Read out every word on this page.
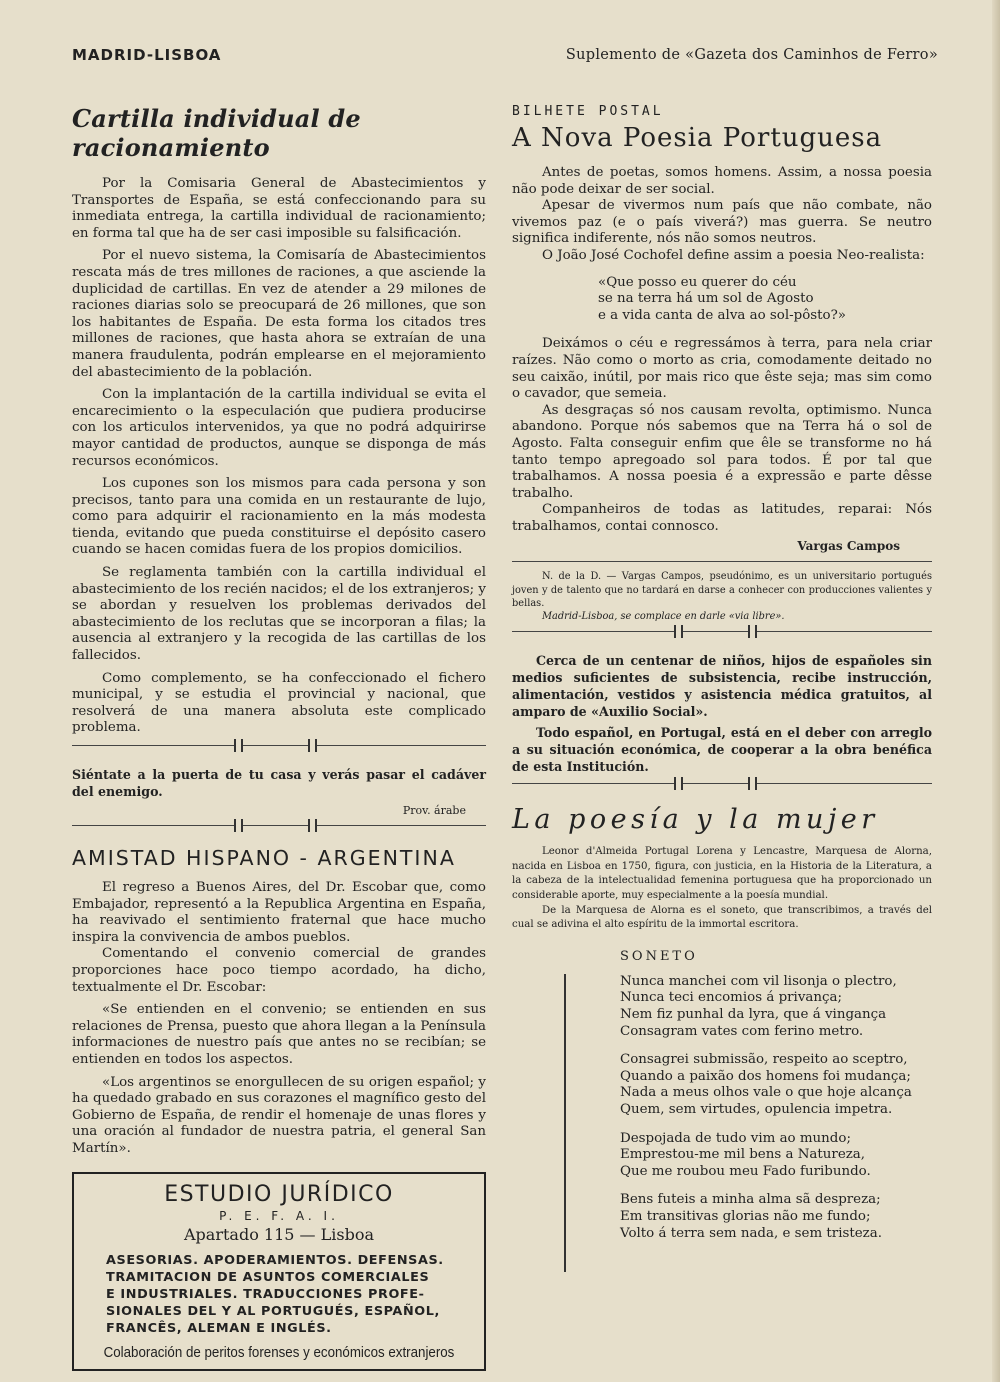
MADRID-LISBOA	Suplemento de «Gazeta dos Caminhos de Ferro»
Cartilla individual de racionamiento

Por la Comisaria General de Abastecimientos y Transportes de España, se está confeccionando para su inmediata entrega, la cartilla individual de racionamiento; en forma tal que ha de ser casi imposible su falsificación.

Por el nuevo sistema, la Comisaría de Abastecimientos rescata más de tres millones de raciones, a que asciende la duplicidad de cartillas. En vez de atender a 29 milones de raciones diarias solo se preocupará de 26 millones, que son los habitantes de España. De esta forma los citados tres millones de raciones, que hasta ahora se extraían de una manera fraudulenta, podrán emplearse en el mejoramiento del abastecimiento de la población.

Con la implantación de la cartilla individual se evita el encarecimiento o la especulación que pudiera producirse con los articulos intervenidos, ya que no podrá adquirirse mayor cantidad de productos, aunque se disponga de más recursos económicos.

Los cupones son los mismos para cada persona y son precisos, tanto para una comida en un restaurante de lujo, como para adquirir el racionamiento en la más modesta tienda, evitando que pueda constituirse el depósito casero cuando se hacen comidas fuera de los propios domicilios.

Se reglamenta también con la cartilla individual el abastecimiento de los recién nacidos; el de los extranjeros; y se abordan y resuelven los problemas derivados del abastecimiento de los reclutas que se incorporan a filas; la ausencia al extranjero y la recogida de las cartillas de los fallecidos.

Como complemento, se ha confeccionado el fichero municipal, y se estudia el provincial y nacional, que resolverá de una manera absoluta este complicado problema.

Siéntate a la puerta de tu casa y verás pasar el cadáver del enemigo.

Prov. árabe
AMISTAD HISPANO - ARGENTINA

El regreso a Buenos Aires, del Dr. Escobar que, como Embajador, representó a la Republica Argentina en España, ha reavivado el sentimiento fraternal que hace mucho inspira la convivencia de ambos pueblos.

Comentando el convenio comercial de grandes proporciones hace poco tiempo acordado, ha dicho, textualmente el Dr. Escobar:

«Se entienden en el convenio; se entienden en sus relaciones de Prensa, puesto que ahora llegan a la Península informaciones de nuestro país que antes no se recibían; se entienden en todos los aspectos.

«Los argentinos se enorgullecen de su origen español; y ha quedado grabado en sus corazones el magnífico gesto del Gobierno de España, de rendir el homenaje de unas flores y una oración al fundador de nuestra patria, el general San Martín».

ESTUDIO JURÍDICO
P. E. F. A. I.
Apartado 115 — Lisboa
ASESORIAS. APODERAMIENTOS. DEFENSAS.
TRAMITACION DE ASUNTOS COMERCIALES
E INDUSTRIALES. TRADUCCIONES PROFE-
SIONALES DEL Y AL PORTUGUÉS, ESPAÑOL,
FRANCÊS, ALEMAN E INGLÉS.
Colaboración de peritos forenses y económicos extranjeros
BILHETE POSTAL
A Nova Poesia Portuguesa

Antes de poetas, somos homens. Assim, a nossa poesia não pode deixar de ser social.

Apesar de vivermos num país que não combate, não vivemos paz (e o país viverá?) mas guerra. Se neutro significa indiferente, nós não somos neutros.

O João José Cochofel define assim a poesia Neo-realista:

«Que posso eu querer do céu
se na terra há um sol de Agosto
e a vida canta de alva ao sol-pôsto?»

Deixámos o céu e regressámos à terra, para nela criar raízes. Não como o morto as cria, comodamente deitado no seu caixão, inútil, por mais rico que êste seja; mas sim como o cavador, que semeia.

As desgraças só nos causam revolta, optimismo. Nunca abandono. Porque nós sabemos que na Terra há o sol de Agosto. Falta conseguir enfim que êle se transforme no há tanto tempo apregoado sol para todos. É por tal que trabalhamos. A nossa poesia é a expressão e parte dêsse trabalho.

Companheiros de todas as latitudes, reparai: Nós trabalhamos, contai connosco.

Vargas Campos

N. de la D. — Vargas Campos, pseudónimo, es un universitario portugués joven y de talento que no tardará en darse a conhecer con producciones valientes y bellas.

Madrid-Lisboa, se complace en darle «via libre».

Cerca de un centenar de niños, hijos de españoles sin medios suficientes de subsistencia, recibe instrucción, alimentación, vestidos y asistencia médica gratuitos, al amparo de «Auxilio Social».

Todo español, en Portugal, está en el deber con arreglo a su situación económica, de cooperar a la obra benéfica de esta Institución.

La poesía y la mujer

Leonor d'Almeida Portugal Lorena y Lencastre, Marquesa de Alorna, nacida en Lisboa en 1750, figura, con justicia, en la Historia de la Literatura, a la cabeza de la intelectualidad femenina portuguesa que ha proporcionado un considerable aporte, muy especialmente a la poesía mundial.

De la Marquesa de Alorna es el soneto, que transcribimos, a través del cual se adivina el alto espíritu de la immortal escritora.

SONETO
Nunca manchei com vil lisonja o plectro,
Nunca teci encomios á privança;
Nem fiz punhal da lyra, que á vingança
Consagram vates com ferino metro.
Consagrei submissão, respeito ao sceptro,
Quando a paixão dos homens foi mudança;
Nada a meus olhos vale o que hoje alcança
Quem, sem virtudes, opulencia impetra.
Despojada de tudo vim ao mundo;
Emprestou-me mil bens a Natureza,
Que me roubou meu Fado furibundo.
Bens futeis a minha alma sã despreza;
Em transitivas glorias não me fundo;
Volto á terra sem nada, e sem tristeza.
